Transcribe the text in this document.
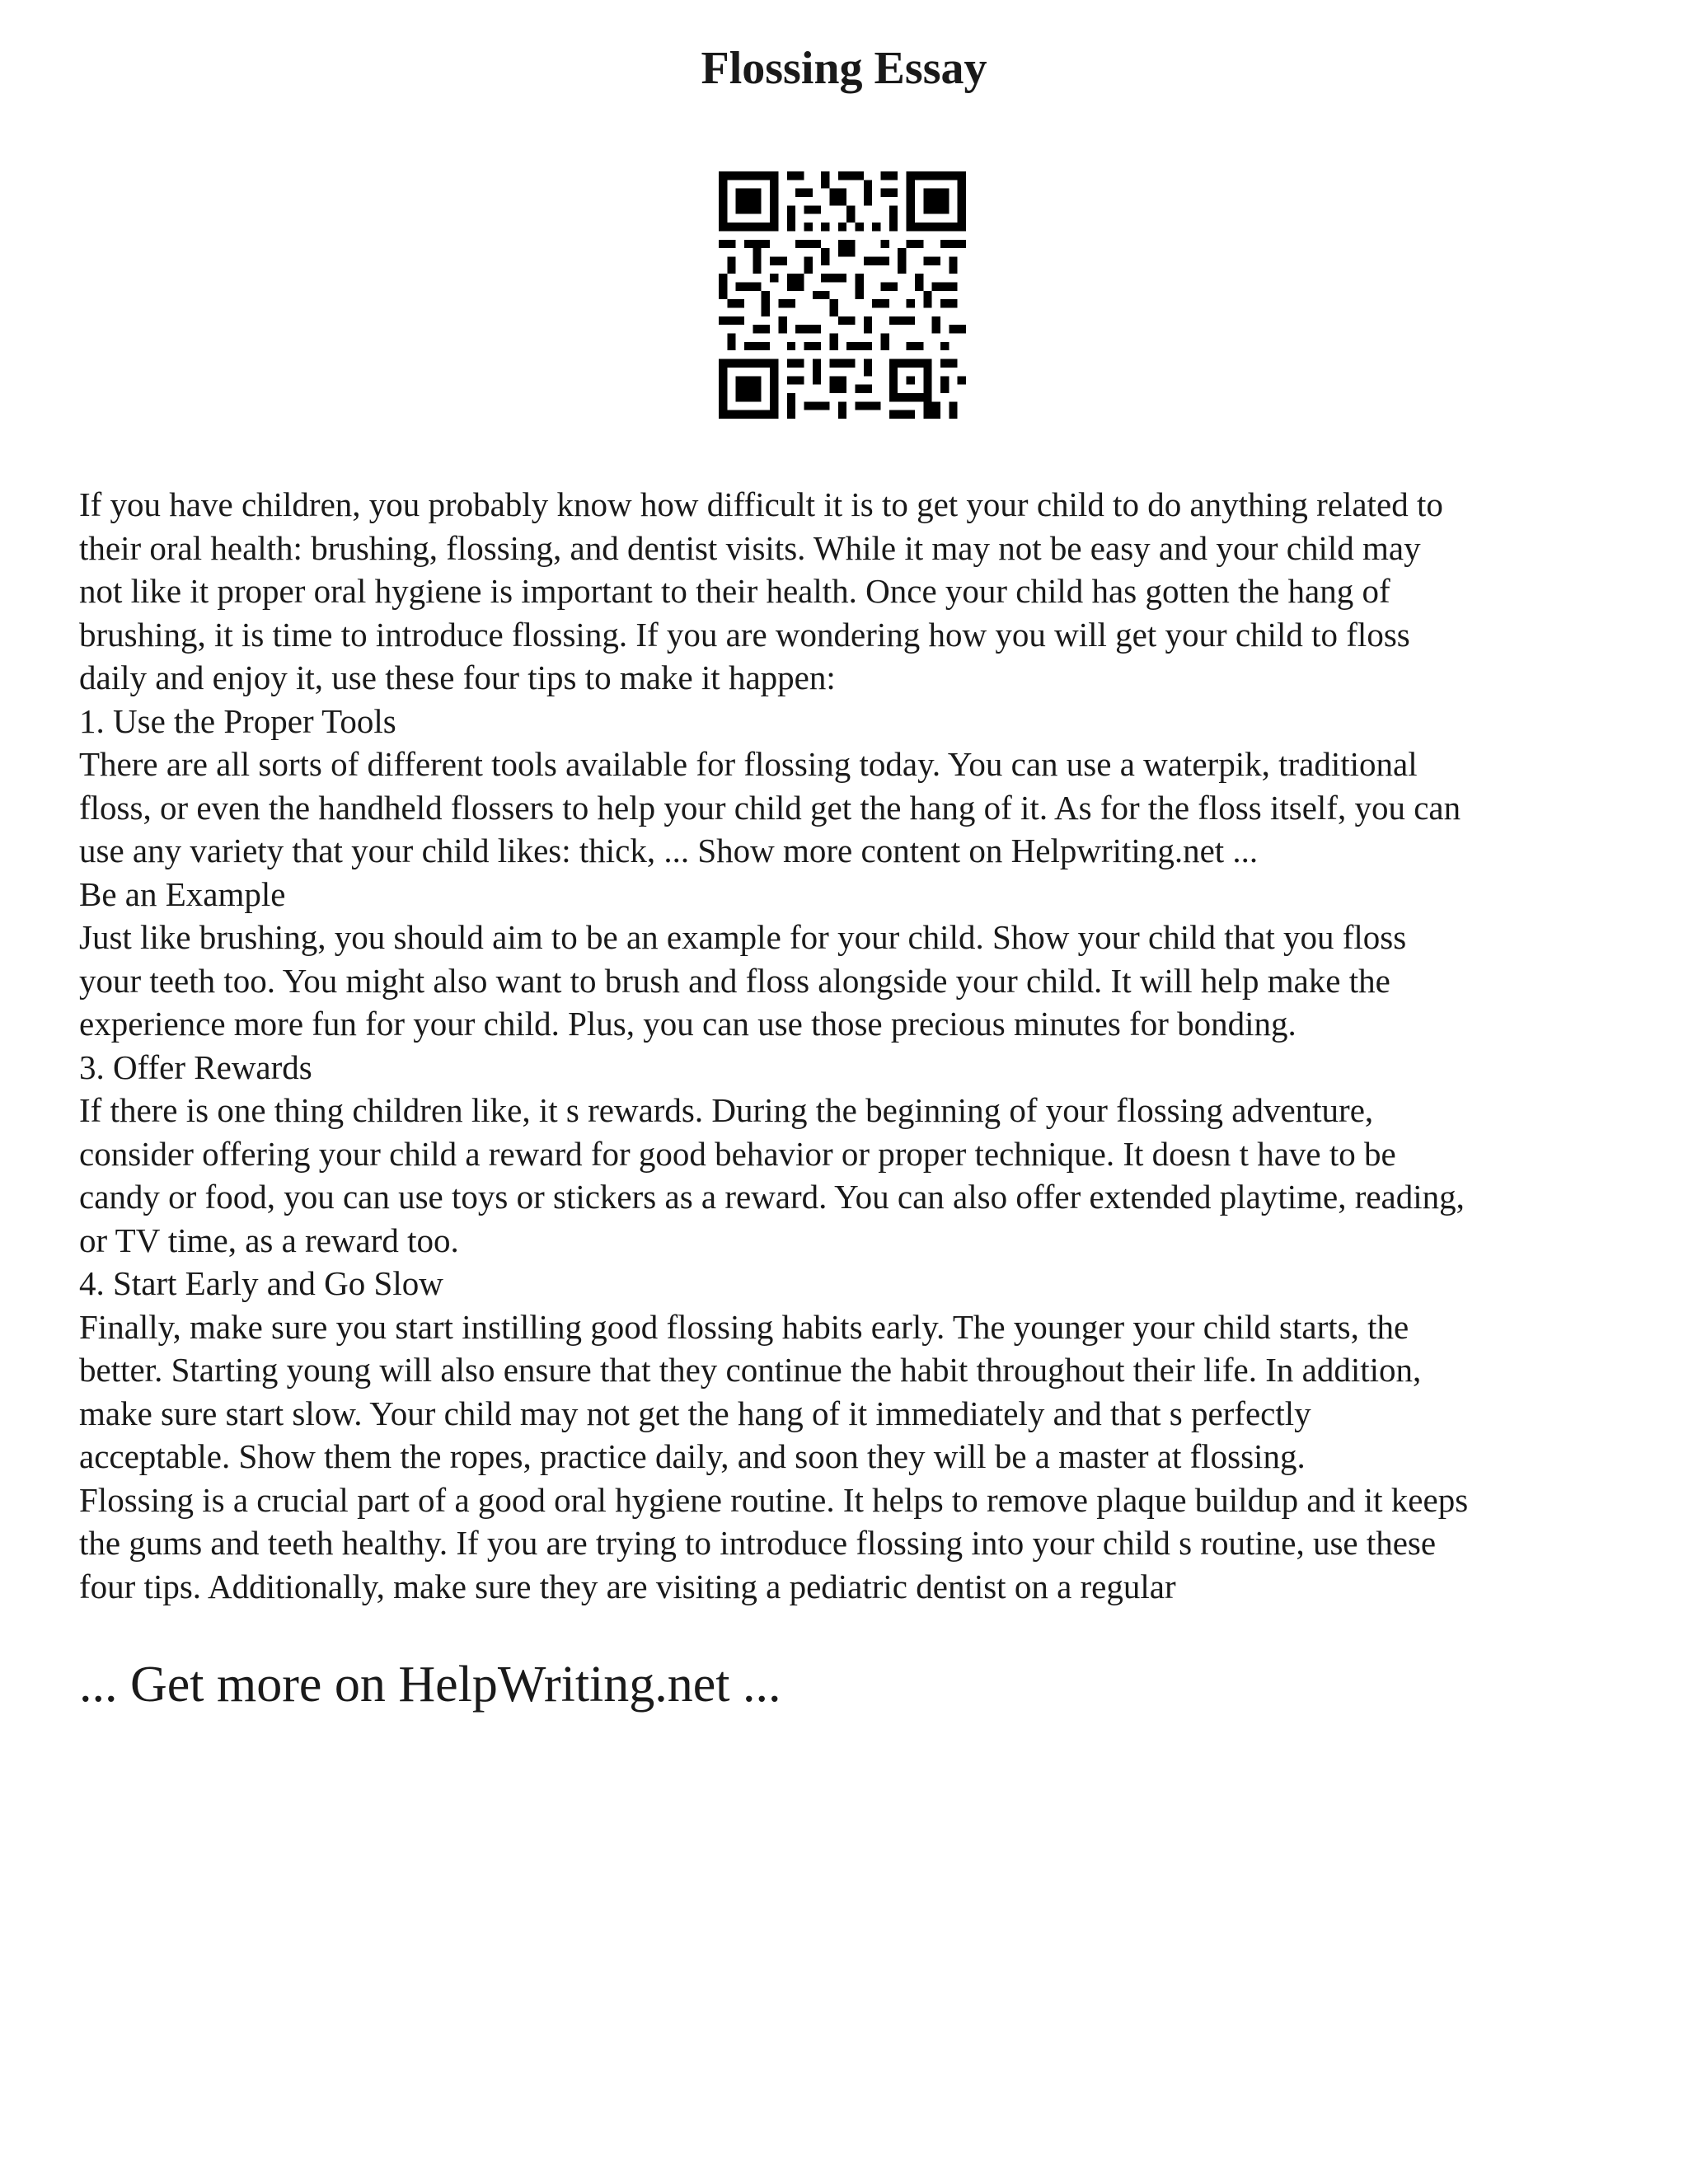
Flossing Essay
If you have children, you probably know how difficult it is to get your child to do anything related to
their oral health: brushing, flossing, and dentist visits. While it may not be easy and your child may
not like it proper oral hygiene is important to their health. Once your child has gotten the hang of
brushing, it is time to introduce flossing. If you are wondering how you will get your child to floss
daily and enjoy it, use these four tips to make it happen:
1. Use the Proper Tools
There are all sorts of different tools available for flossing today. You can use a waterpik, traditional
floss, or even the handheld flossers to help your child get the hang of it. As for the floss itself, you can
use any variety that your child likes: thick, ... Show more content on Helpwriting.net ...
Be an Example
Just like brushing, you should aim to be an example for your child. Show your child that you floss
your teeth too. You might also want to brush and floss alongside your child. It will help make the
experience more fun for your child. Plus, you can use those precious minutes for bonding.
3. Offer Rewards
If there is one thing children like, it s rewards. During the beginning of your flossing adventure,
consider offering your child a reward for good behavior or proper technique. It doesn t have to be
candy or food, you can use toys or stickers as a reward. You can also offer extended playtime, reading,
or TV time, as a reward too.
4. Start Early and Go Slow
Finally, make sure you start instilling good flossing habits early. The younger your child starts, the
better. Starting young will also ensure that they continue the habit throughout their life. In addition,
make sure start slow. Your child may not get the hang of it immediately and that s perfectly
acceptable. Show them the ropes, practice daily, and soon they will be a master at flossing.
Flossing is a crucial part of a good oral hygiene routine. It helps to remove plaque buildup and it keeps
the gums and teeth healthy. If you are trying to introduce flossing into your child s routine, use these
four tips. Additionally, make sure they are visiting a pediatric dentist on a regular
... Get more on HelpWriting.net ...
